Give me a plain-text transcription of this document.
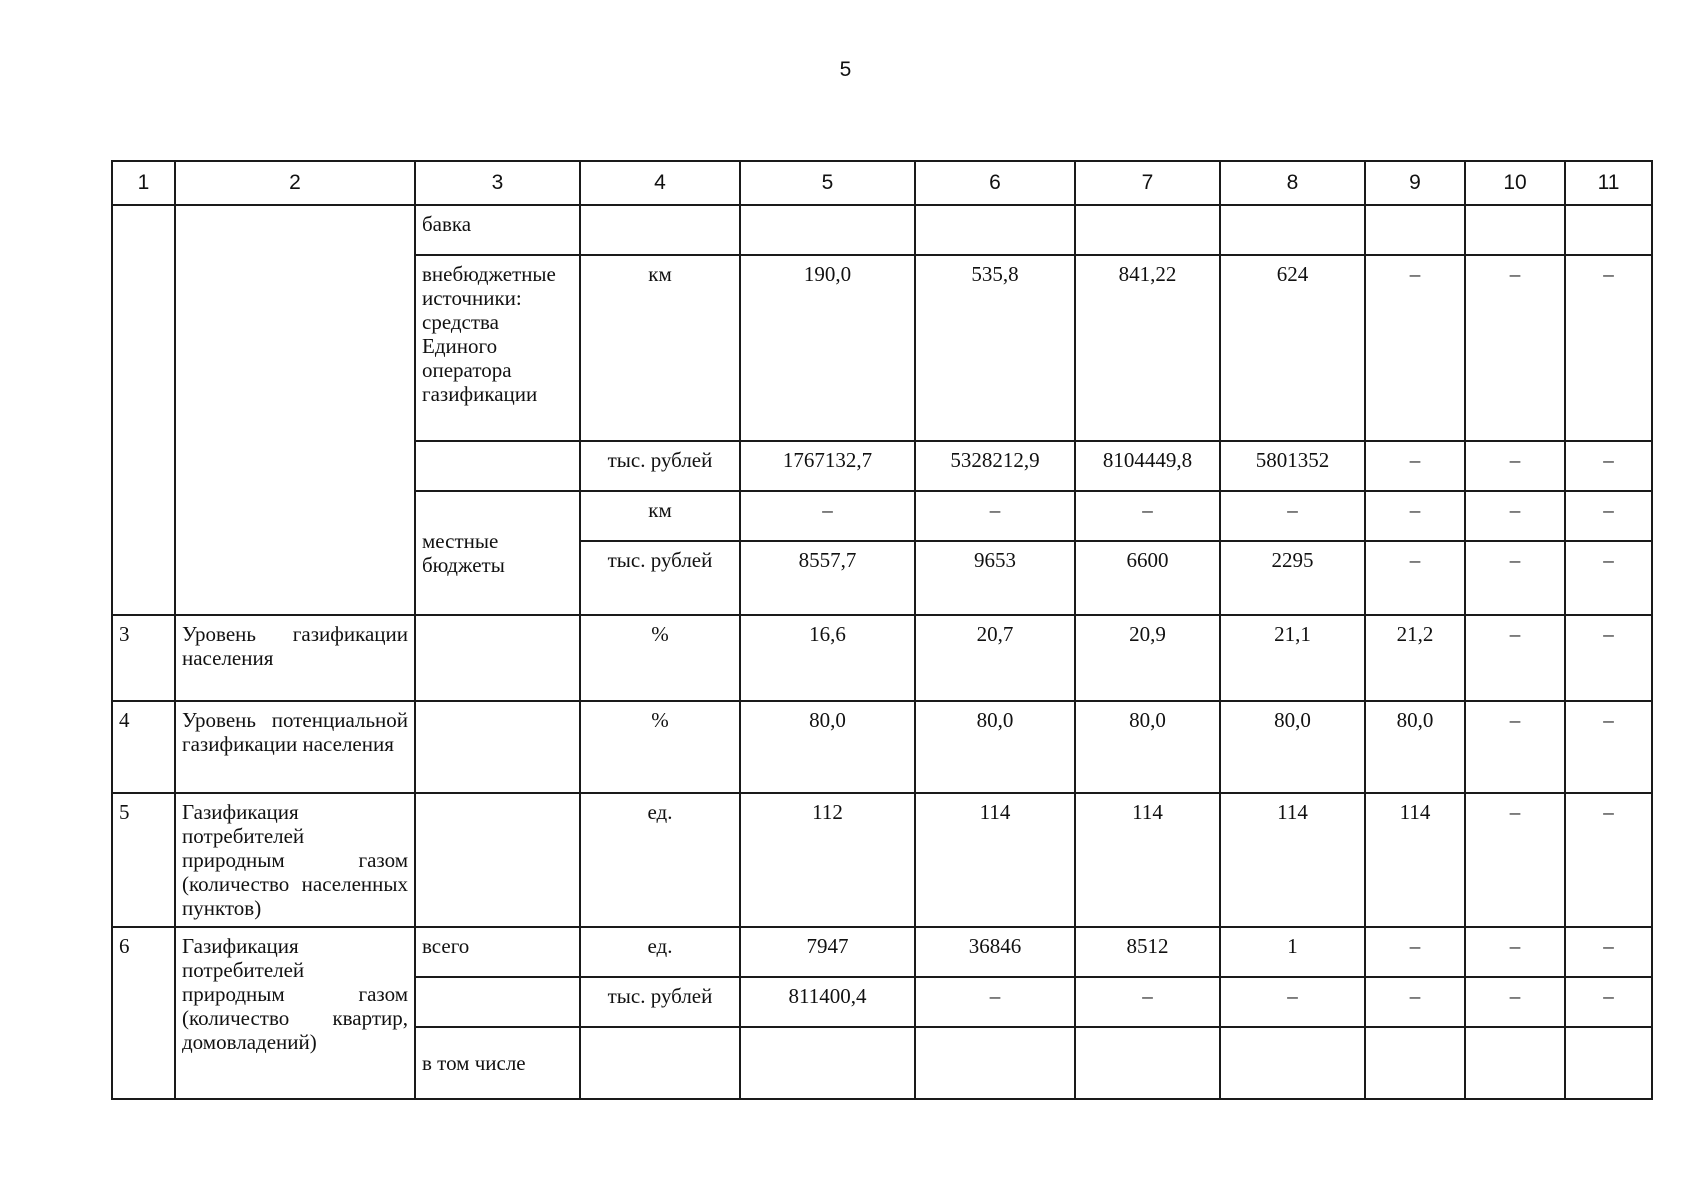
5
1	2	3	4	5	6	7	8	9	10	11
		бавка								
		внебюджетные источники: средства Единого оператора газификации	км	190,0	535,8	841,22	624	–	–	–
			тыс. рублей	1767132,7	5328212,9	8104449,8	5801352	–	–	–
		местные бюджеты	км	–	–	–	–	–	–	–
			тыс. рублей	8557,7	9653	6600	2295	–	–	–
3	Уровень газификации населения		%	16,6	20,7	20,9	21,1	21,2	–	–
4	Уровень потенциальной газификации населения		%	80,0	80,0	80,0	80,0	80,0	–	–
5	Газификация потребителей природным газом (количество населенных пунктов)		ед.	112	114	114	114	114	–	–
6	Газификация потребителей природным газом (количество квартир, домовладений)	всего	ед.	7947	36846	8512	1	–	–	–
			тыс. рублей	811400,4	–	–	–	–	–	–
		в том числе								
